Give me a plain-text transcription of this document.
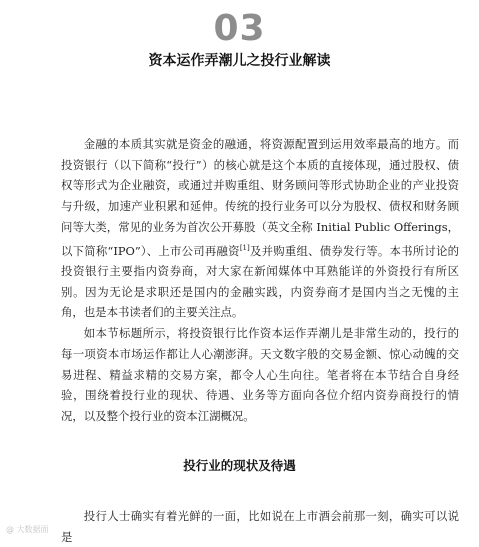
03
资本运作弄潮儿之投行业解读

金融的本质其实就是资金的融通，将资源配置到运用效率最高的地方。而投资银行（以下简称“投行”）的核心就是这个本质的直接体现，通过股权、债权等形式为企业融资，或通过并购重组、财务顾问等形式协助企业的产业投资与升级，加速产业积累和延伸。传统的投行业务可以分为股权、债权和财务顾问等大类，常见的业务为首次公开募股（英文全称 Initial Public Offerings，以下简称“IPO”）、上市公司再融资[1]及并购重组、债券发行等。本书所讨论的投资银行主要指内资券商，对大家在新闻媒体中耳熟能详的外资投行有所区别。因为无论是求职还是国内的金融实践，内资券商才是国内当之无愧的主角，也是本书读者们的主要关注点。

如本节标题所示，将投资银行比作资本运作弄潮儿是非常生动的，投行的每一项资本市场运作都让人心潮澎湃。天文数字般的交易金额、惊心动魄的交易进程、精益求精的交易方案，都令人心生向往。笔者将在本节结合自身经验，围绕着投行业的现状、待遇、业务等方面向各位介绍内资券商投行的情况，以及整个投行业的资本江湖概况。

投行业的现状及待遇

投行人士确实有着光鲜的一面，比如说在上市酒会前那一刻，确实可以说是

@ 大数据面
